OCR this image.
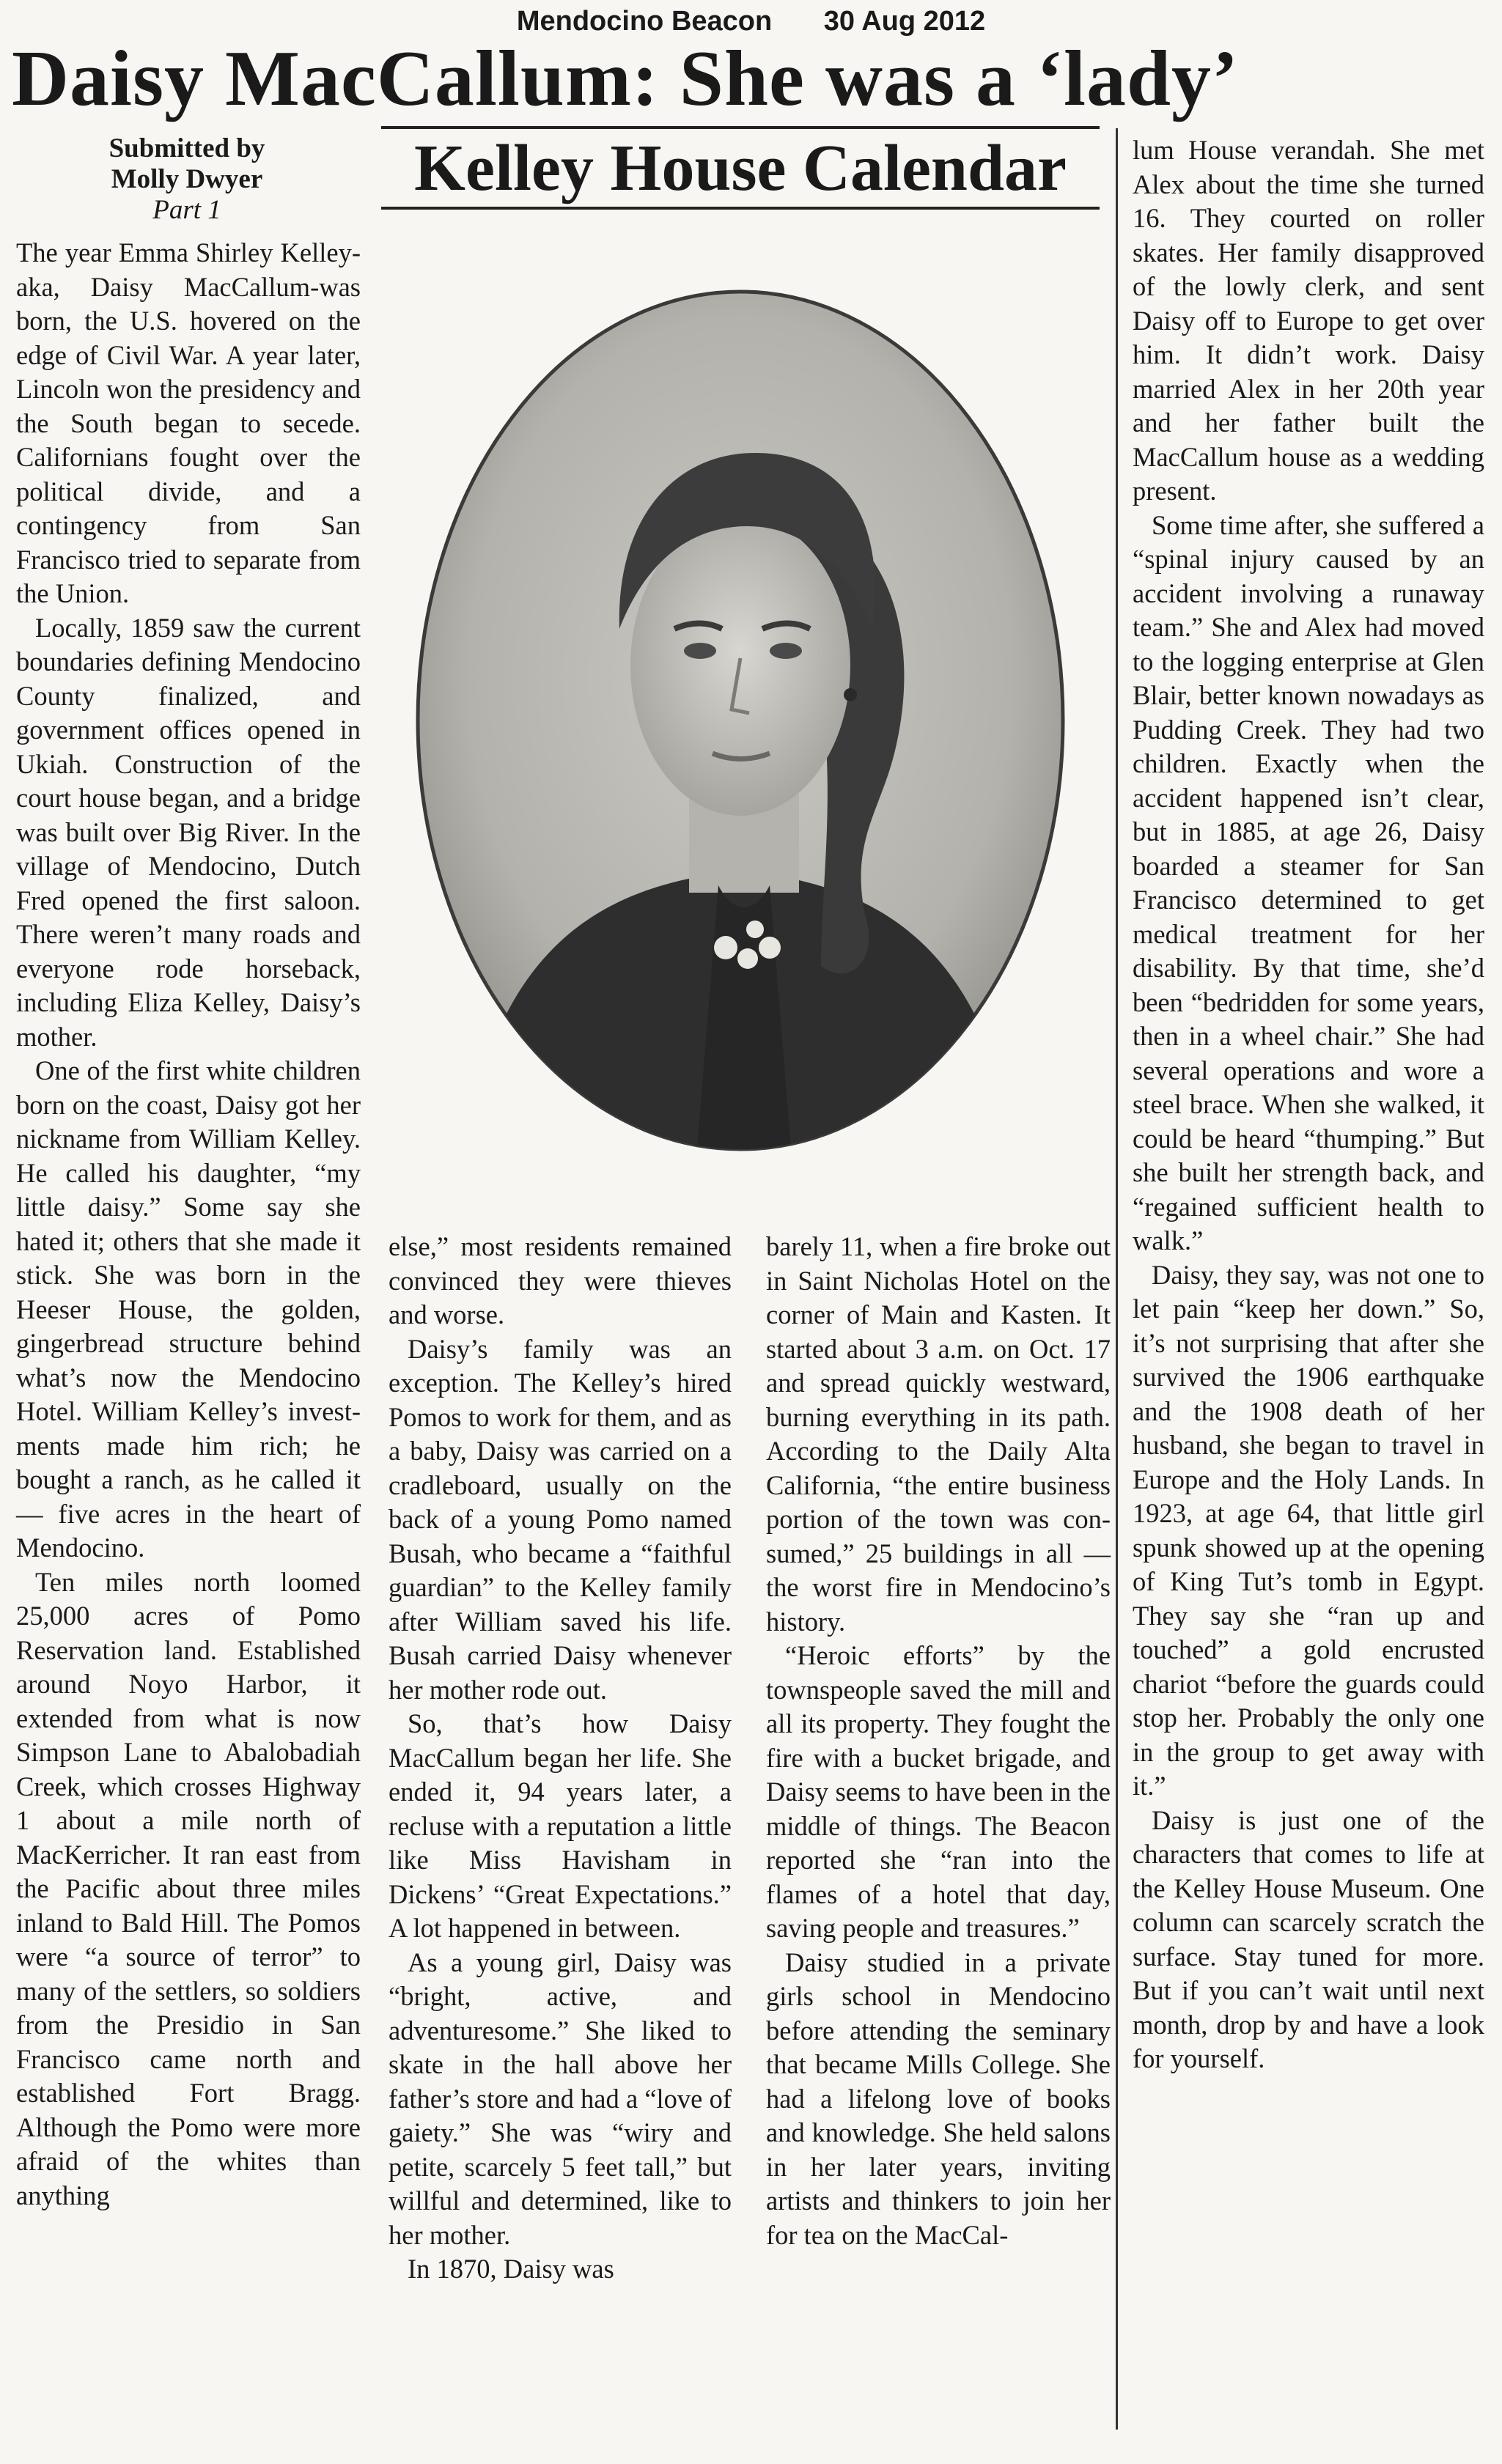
Mendocino Beacon 30 Aug 2012
Daisy MacCallum: She was a ‘lady’
Submitted by
Molly Dwyer
Part 1
Kelley House Calendar

The year Emma Shirley Kelley-aka, Daisy MacCallum-was born, the U.S. hovered on the edge of Civil War. A year later, Lincoln won the presidency and the South began to secede. Californians fought over the political divide, and a contingency from San Francisco tried to separate from the Union.

Locally, 1859 saw the current boundaries defining Mendocino County finalized, and government offices opened in Ukiah. Construction of the court house began, and a bridge was built over Big River. In the village of Mendocino, Dutch Fred opened the first saloon. There weren’t many roads and everyone rode horseback, including Eliza Kelley, Daisy’s mother.

One of the first white children born on the coast, Daisy got her nickname from William Kelley. He called his daughter, “my little daisy.” Some say she hated it; others that she made it stick. She was born in the Heeser House, the golden, gingerbread structure behind what’s now the Mendocino Hotel. William Kelley’s investments made him rich; he bought a ranch, as he called it — five acres in the heart of Mendocino.

Ten miles north loomed 25,000 acres of Pomo Reservation land. Established around Noyo Harbor, it extended from what is now Simpson Lane to Abalobadiah Creek, which crosses Highway 1 about a mile north of MacKerricher. It ran east from the Pacific about three miles inland to Bald Hill. The Pomos were “a source of terror” to many of the settlers, so soldiers from the Presidio in San Francisco came north and established Fort Bragg. Although the Pomo were more afraid of the whites than anything

else,” most residents remained convinced they were thieves and worse.

Daisy’s family was an exception. The Kelley’s hired Pomos to work for them, and as a baby, Daisy was carried on a cradleboard, usually on the back of a young Pomo named Busah, who became a “faithful guardian” to the Kelley family after William saved his life. Busah carried Daisy whenever her mother rode out.

So, that’s how Daisy MacCallum began her life. She ended it, 94 years later, a recluse with a reputation a little like Miss Havisham in Dickens’ “Great Expectations.” A lot happened in between.

As a young girl, Daisy was “bright, active, and adventuresome.” She liked to skate in the hall above her father’s store and had a “love of gaiety.” She was “wiry and petite, scarcely 5 feet tall,” but willful and determined, like to her mother.

In 1870, Daisy was

barely 11, when a fire broke out in Saint Nicholas Hotel on the corner of Main and Kasten. It started about 3 a.m. on Oct. 17 and spread quickly westward, burning everything in its path. According to the Daily Alta California, “the entire business portion of the town was consumed,” 25 buildings in all — the worst fire in Mendocino’s history.

“Heroic efforts” by the townspeople saved the mill and all its property. They fought the fire with a bucket brigade, and Daisy seems to have been in the middle of things. The Beacon reported she “ran into the flames of a hotel that day, saving people and treasures.”

Daisy studied in a private girls school in Mendocino before attending the seminary that became Mills College. She had a lifelong love of books and knowledge. She held salons in her later years, inviting artists and thinkers to join her for tea on the MacCal-

lum House verandah. She met Alex about the time she turned 16. They courted on roller skates. Her family disapproved of the lowly clerk, and sent Daisy off to Europe to get over him. It didn’t work. Daisy married Alex in her 20th year and her father built the MacCallum house as a wedding present.

Some time after, she suffered a “spinal injury caused by an accident involving a runaway team.” She and Alex had moved to the logging enterprise at Glen Blair, better known nowadays as Pudding Creek. They had two children. Exactly when the accident happened isn’t clear, but in 1885, at age 26, Daisy boarded a steamer for San Francisco determined to get medical treatment for her disability. By that time, she’d been “bedridden for some years, then in a wheel chair.” She had several operations and wore a steel brace. When she walked, it could be heard “thumping.” But she built her strength back, and “regained sufficient health to walk.”

Daisy, they say, was not one to let pain “keep her down.” So, it’s not surprising that after she survived the 1906 earthquake and the 1908 death of her husband, she began to travel in Europe and the Holy Lands. In 1923, at age 64, that little girl spunk showed up at the opening of King Tut’s tomb in Egypt. They say she “ran up and touched” a gold encrusted chariot “before the guards could stop her. Probably the only one in the group to get away with it.”

Daisy is just one of the characters that comes to life at the Kelley House Museum. One column can scarcely scratch the surface. Stay tuned for more. But if you can’t wait until next month, drop by and have a look for yourself.
